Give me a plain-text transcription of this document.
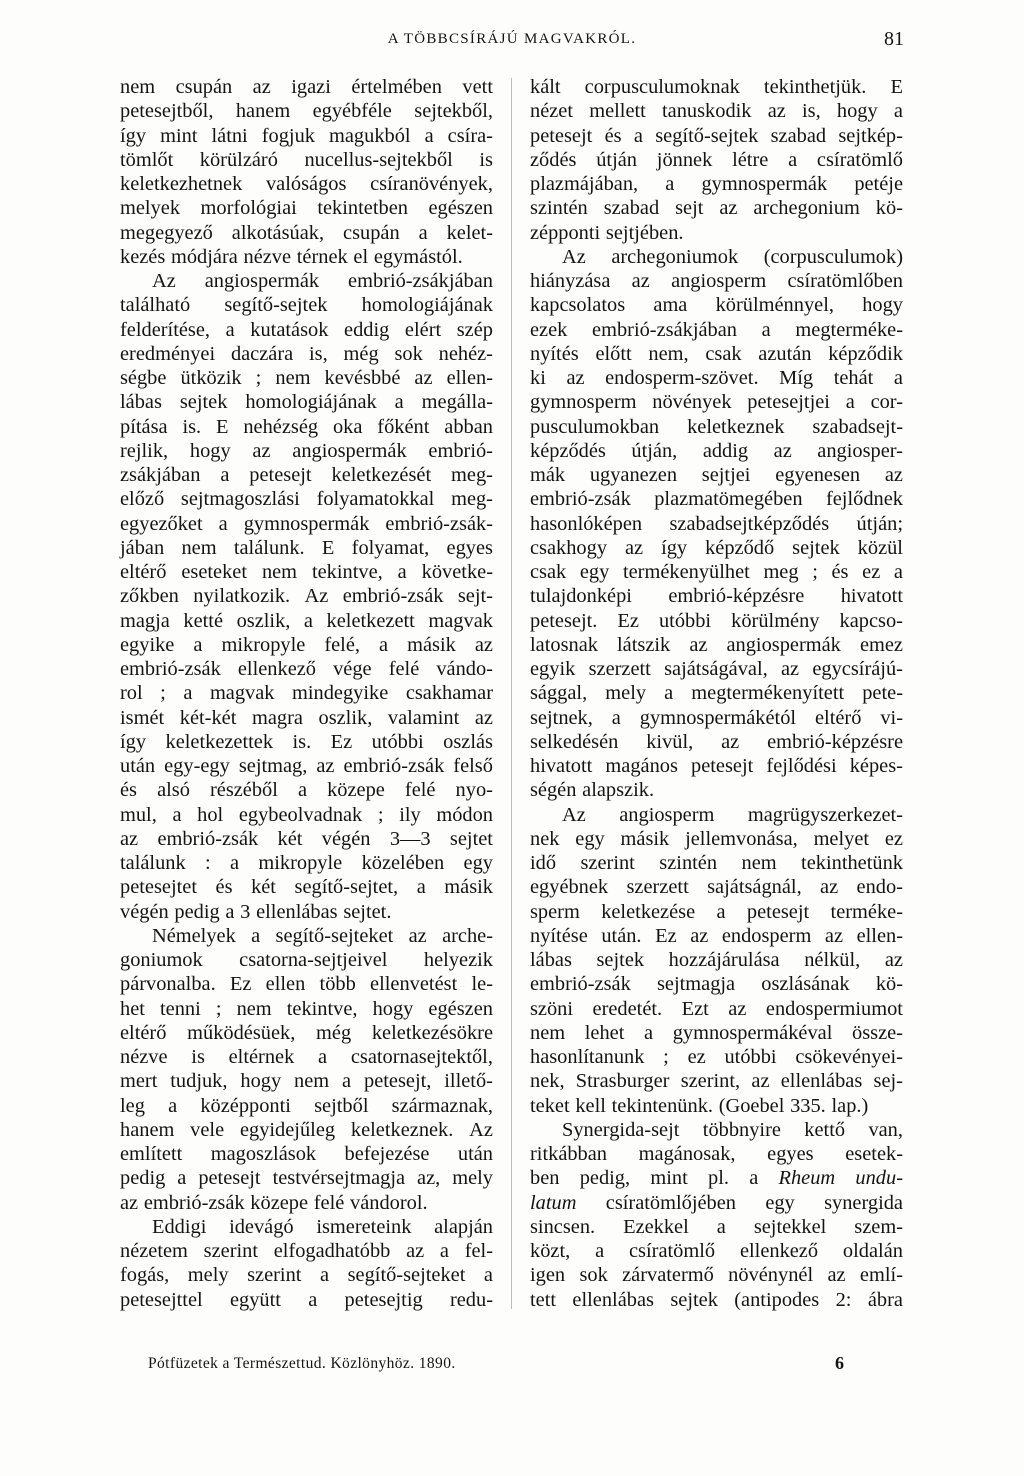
A TÖBBCSÍRÁJÚ MAGVAKRÓL.	81
nem csupán az igazi értelmében vett
petesejtből, hanem egyébféle sejtekből,
így mint látni fogjuk magukból a csíra-
tömlőt körülzáró nucellus-sejtekből is
keletkezhetnek valóságos csíranövények,
melyek morfológiai tekintetben egészen
megegyező alkotásúak, csupán a kelet-
kezés módjára nézve térnek el egymástól.
Az angiospermák embrió-zsákjában
található segítő-sejtek homologiájának
felderítése, a kutatások eddig elért szép
eredményei daczára is, még sok nehéz-
ségbe ütközik ; nem kevésbbé az ellen-
lábas sejtek homologiájának a megálla-
pítása is. E nehézség oka főként abban
rejlik, hogy az angiospermák embrió-
zsákjában a petesejt keletkezését meg-
előző sejtmagoszlási folyamatokkal meg-
egyezőket a gymnospermák embrió-zsák-
jában nem találunk. E folyamat, egyes
eltérő eseteket nem tekintve, a követke-
zőkben nyilatkozik. Az embrió-zsák sejt-
magja ketté oszlik, a keletkezett magvak
egyike a mikropyle felé, a másik az
embrió-zsák ellenkező vége felé vándo-
rol ; a magvak mindegyike csakhamar
ismét két-két magra oszlik, valamint az
így keletkezettek is. Ez utóbbi oszlás
után egy-egy sejtmag, az embrió-zsák felső
és alsó részéből a közepe felé nyo-
mul, a hol egybeolvadnak ; ily módon
az embrió-zsák két végén 3—3 sejtet
találunk : a mikropyle közelében egy
petesejtet és két segítő-sejtet, a másik
végén pedig a 3 ellenlábas sejtet.
Némelyek a segítő-sejteket az arche-
goniumok csatorna-sejtjeivel helyezik
párvonalba. Ez ellen több ellenvetést le-
het tenni ; nem tekintve, hogy egészen
eltérő működésüek, még keletkezésökre
nézve is eltérnek a csatornasejtektől,
mert tudjuk, hogy nem a petesejt, illető-
leg a középponti sejtből származnak,
hanem vele egyidejűleg keletkeznek. Az
említett magoszlások befejezése után
pedig a petesejt testvérsejtmagja az, mely
az embrió-zsák közepe felé vándorol.
Eddigi idevágó ismereteink alapján
nézetem szerint elfogadhatóbb az a fel-
fogás, mely szerint a segítő-sejteket a
petesejttel együtt a petesejtig redu-
kált corpusculumoknak tekinthetjük. E
nézet mellett tanuskodik az is, hogy a
petesejt és a segítő-sejtek szabad sejtkép-
ződés útján jönnek létre a csíratömlő
plazmájában, a gymnospermák petéje
szintén szabad sejt az archegonium kö-
zépponti sejtjében.
Az archegoniumok (corpusculumok)
hiányzása az angiosperm csíratömlőben
kapcsolatos ama körülménnyel, hogy
ezek embrió-zsákjában a megterméke-
nyítés előtt nem, csak azután képződik
ki az endosperm-szövet. Míg tehát a
gymnosperm növények petesejtjei a cor-
pusculumokban keletkeznek szabadsejt-
képződés útján, addig az angiosper-
mák ugyanezen sejtjei egyenesen az
embrió-zsák plazmatömegében fejlődnek
hasonlóképen szabadsejtképződés útján;
csakhogy az így képződő sejtek közül
csak egy termékenyülhet meg ; és ez a
tulajdonképi embrió-képzésre hivatott
petesejt. Ez utóbbi körülmény kapcso-
latosnak látszik az angiospermák emez
egyik szerzett sajátságával, az egycsírájú-
sággal, mely a megtermékenyített pete-
sejtnek, a gymnospermákétól eltérő vi-
selkedésén kivül, az embrió-képzésre
hivatott magános petesejt fejlődési képes-
ségén alapszik.
Az angiosperm magrügyszerkezet-
nek egy másik jellemvonása, melyet ez
idő szerint szintén nem tekinthetünk
egyébnek szerzett sajátságnál, az endo-
sperm keletkezése a petesejt terméke-
nyítése után. Ez az endosperm az ellen-
lábas sejtek hozzájárulása nélkül, az
embrió-zsák sejtmagja oszlásának kö-
szöni eredetét. Ezt az endospermiumot
nem lehet a gymnospermákéval össze-
hasonlítanunk ; ez utóbbi csökevényei-
nek, Strasburger szerint, az ellenlábas sej-
teket kell tekintenünk. (Goebel 335. lap.)
Synergida-sejt többnyire kettő van,
ritkábban magánosak, egyes esetek-
ben pedig, mint pl. a Rheum undu-
latum csíratömlőjében egy synergida
sincsen. Ezekkel a sejtekkel szem-
közt, a csíratömlő ellenkező oldalán
igen sok zárvatermő növénynél az emlí-
tett ellenlábas sejtek (antipodes 2: ábra
Pótfüzetek a Természettud. Közlönyhöz. 1890.	6
